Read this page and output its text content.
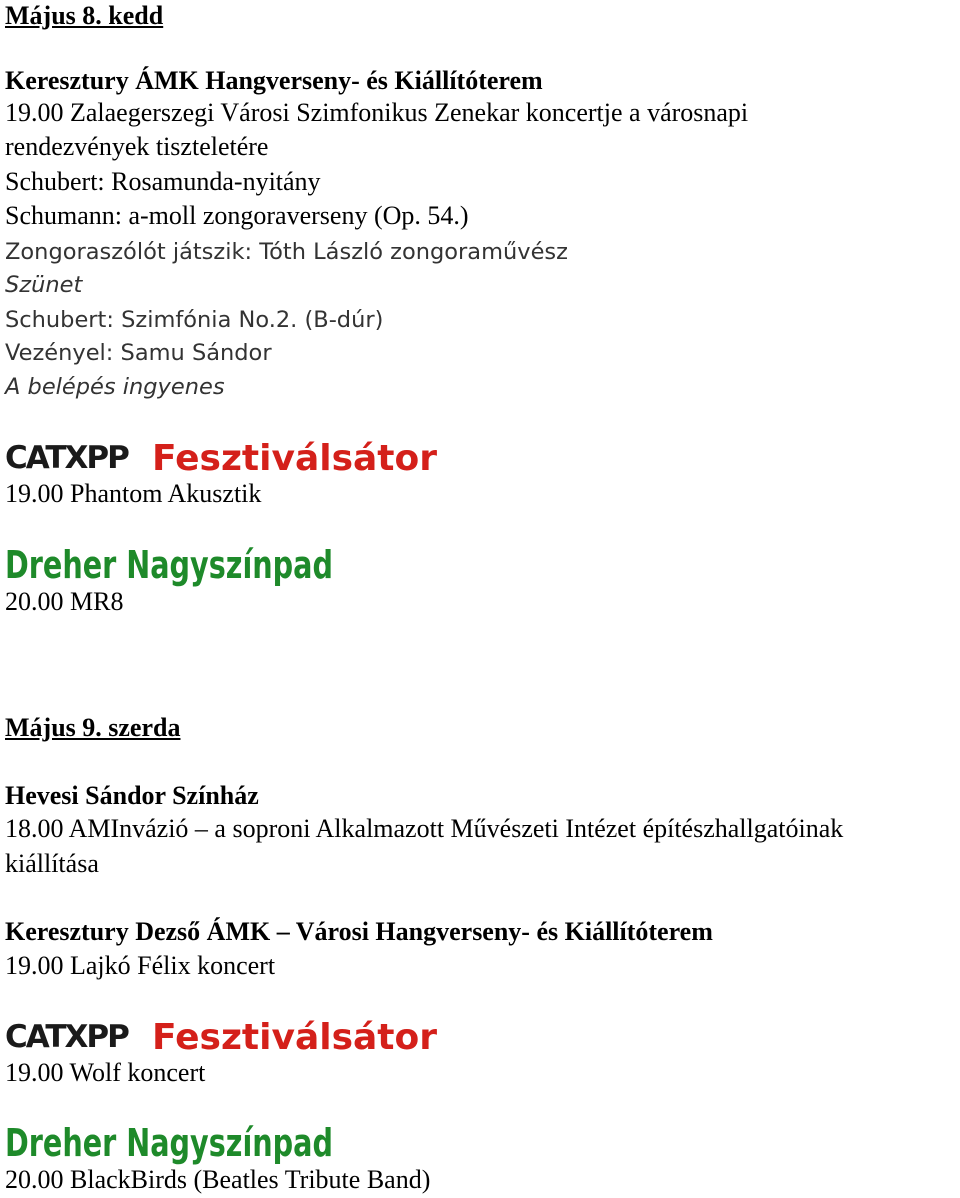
Május 8. kedd
Keresztury ÁMK Hangverseny- és Kiállítóterem
19.00 Zalaegerszegi Városi Szimfonikus Zenekar koncertje a városnapi
rendezvények tiszteletére
Schubert: Rosamunda-nyitány
Schumann: a-moll zongoraverseny (Op. 54.)
Zongoraszólót játszik: Tóth László zongoraművész
Szünet
Schubert: Szimfónia No.2. (B-dúr)
Vezényel: Samu Sándor
A belépés ingyenes
CATXPP Fesztiválsátor
19.00 Phantom Akusztik
Dreher Nagyszínpad
20.00 MR8
Május 9. szerda
Hevesi Sándor Színház
18.00 AMInvázió – a soproni Alkalmazott Művészeti Intézet építészhallgatóinak
kiállítása
Keresztury Dezső ÁMK – Városi Hangverseny- és Kiállítóterem
19.00 Lajkó Félix koncert
CATXPP Fesztiválsátor
19.00 Wolf koncert
Dreher Nagyszínpad
20.00 BlackBirds (Beatles Tribute Band)
